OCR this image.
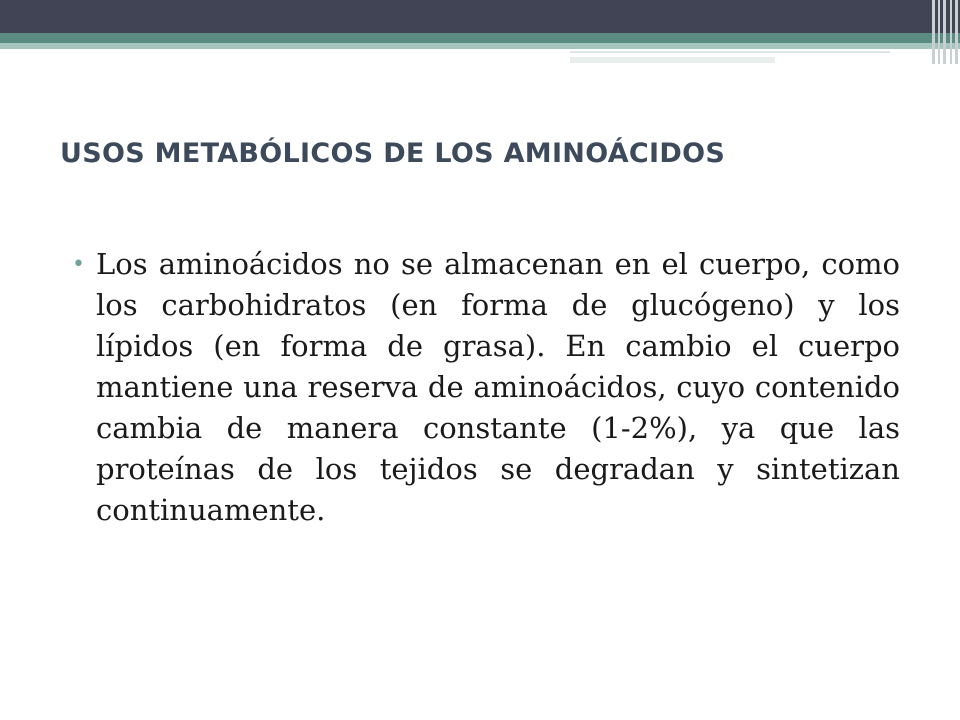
USOS METABÓLICOS DE LOS AMINOÁCIDOS
• Los aminoácidos no se almacenan en el cuerpo, como los carbohidratos (en forma de glucógeno) y los lípidos (en forma de grasa). En cambio el cuerpo mantiene una reserva de aminoácidos, cuyo contenido cambia de manera constante (1-2%), ya que las proteínas de los tejidos se degradan y sintetizan continuamente.
